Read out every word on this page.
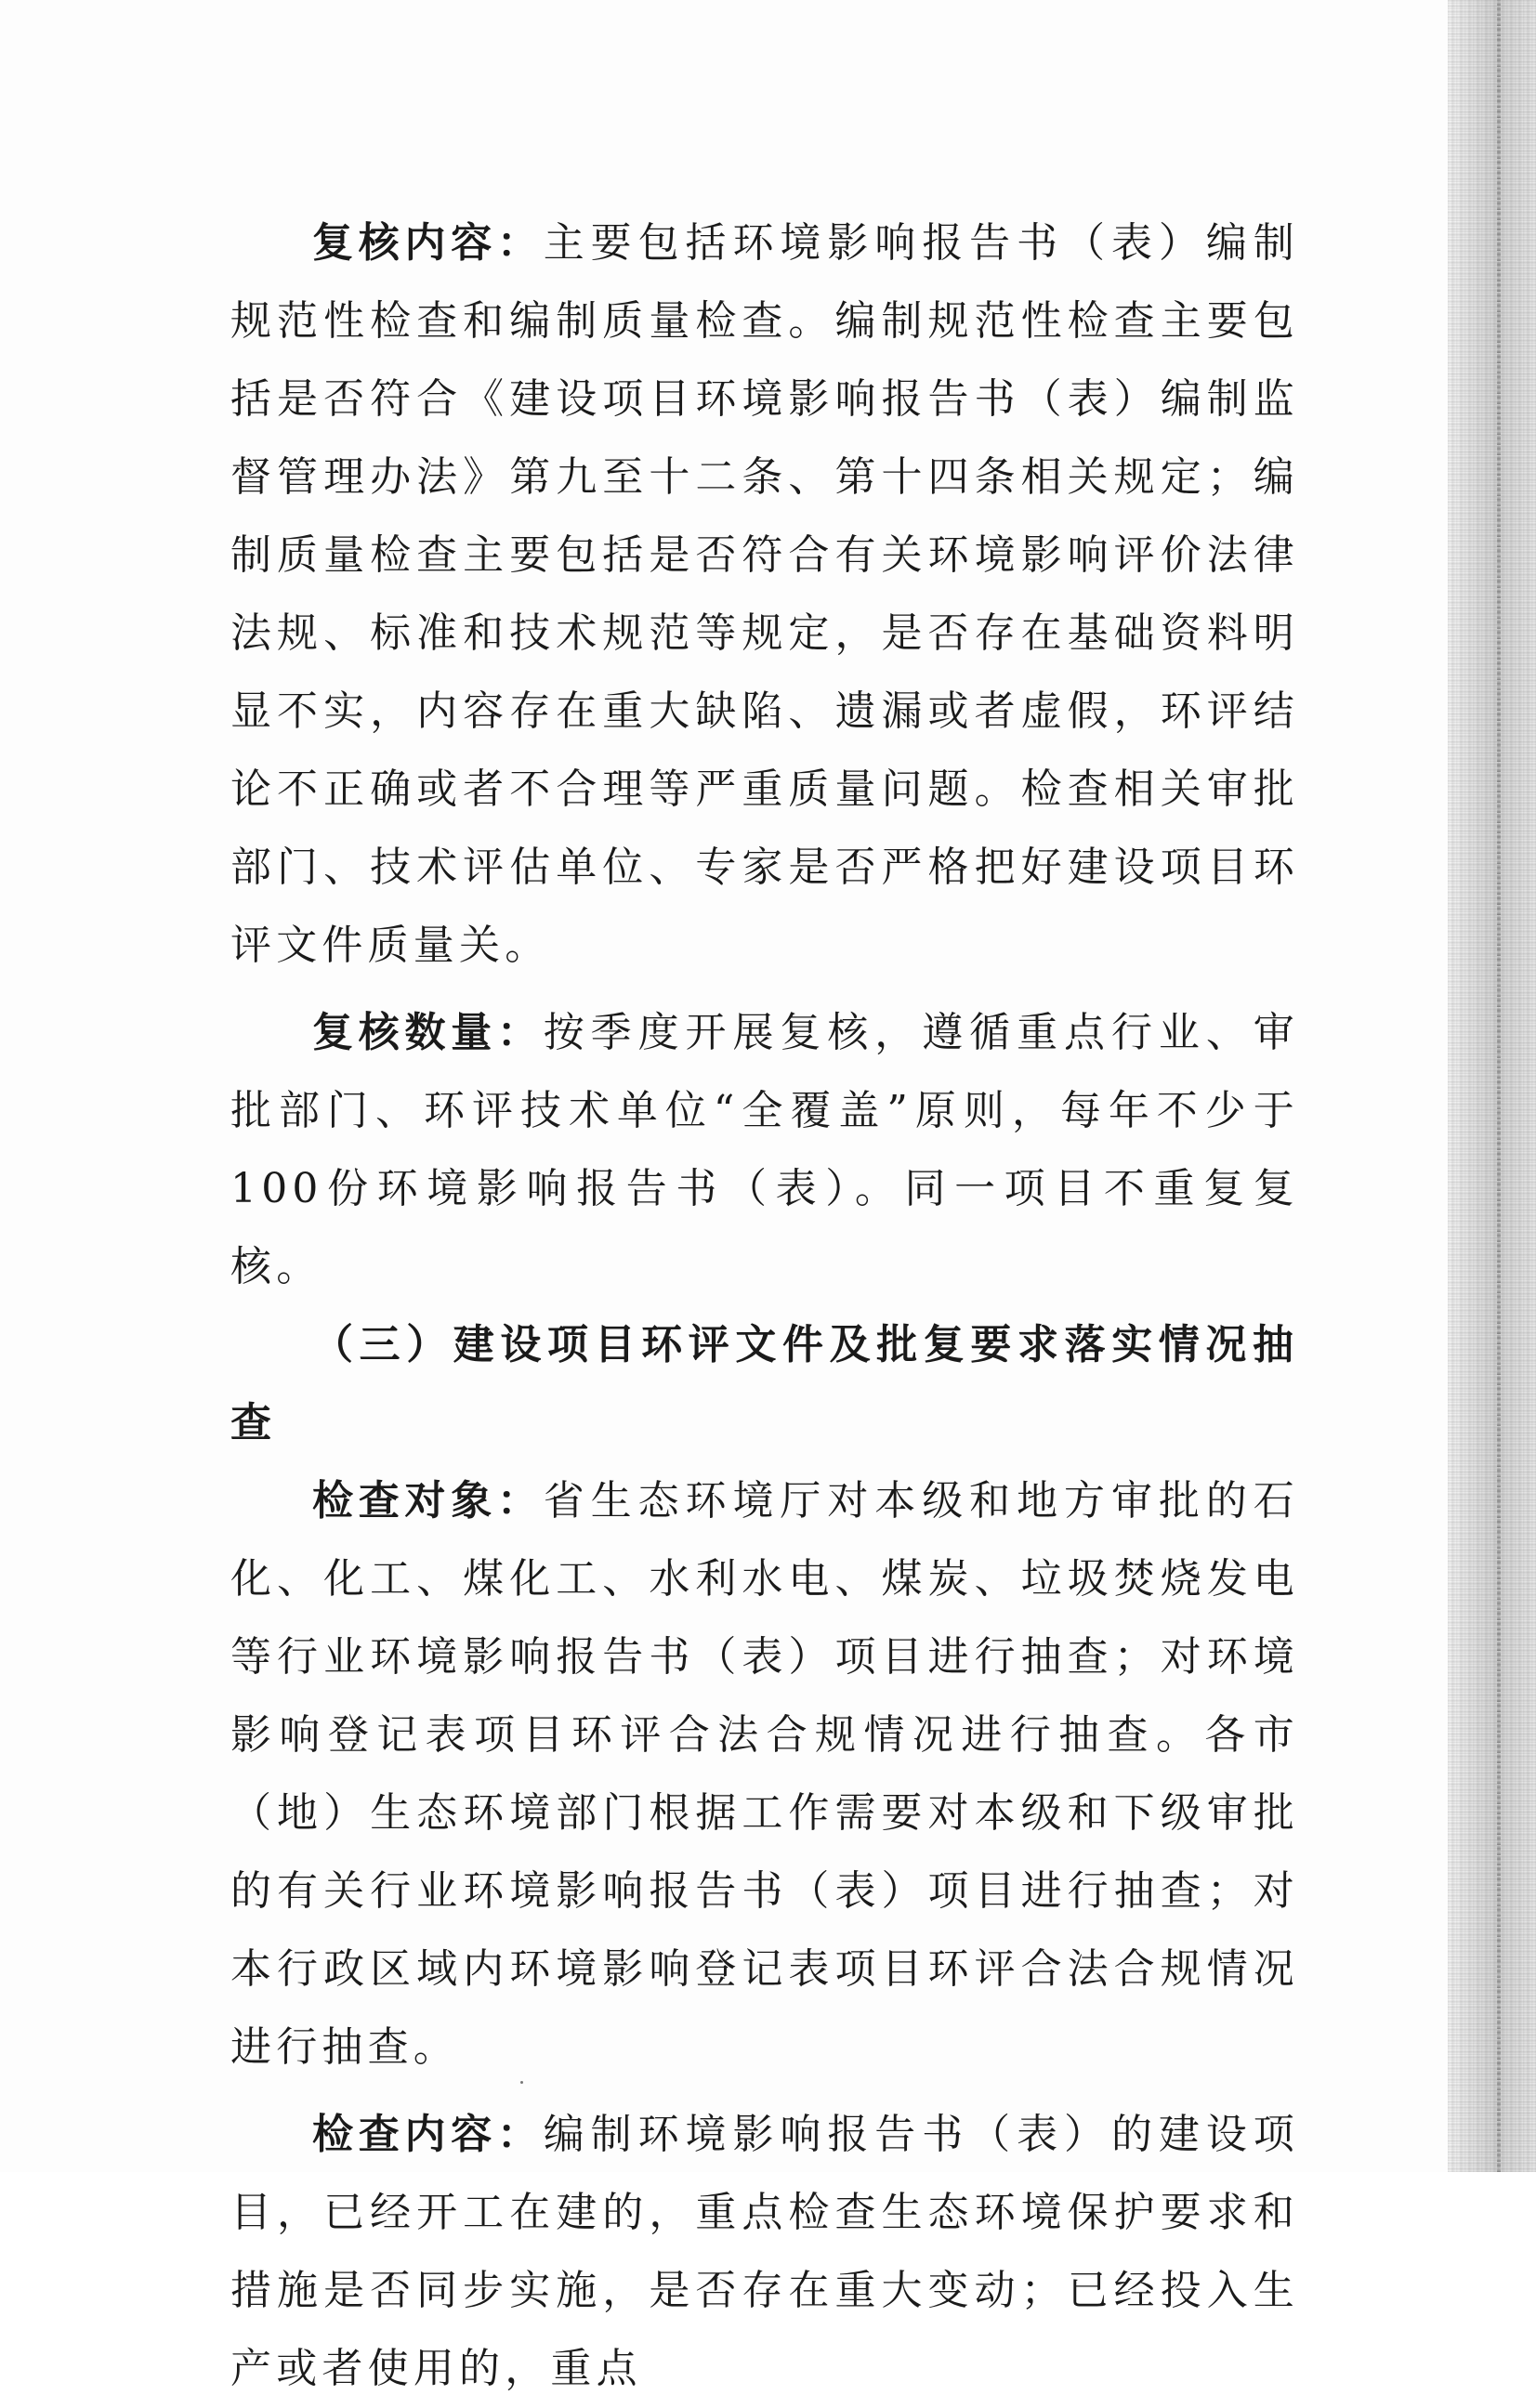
复核内容：主要包括环境影响报告书（表）编制规范性检查和编制质量检查。编制规范性检查主要包括是否符合《建设项目环境影响报告书（表）编制监督管理办法》第九至十二条、第十四条相关规定；编制质量检查主要包括是否符合有关环境影响评价法律法规、标准和技术规范等规定，是否存在基础资料明显不实，内容存在重大缺陷、遗漏或者虚假，环评结论不正确或者不合理等严重质量问题。检查相关审批部门、技术评估单位、专家是否严格把好建设项目环评文件质量关。

复核数量：按季度开展复核，遵循重点行业、审批部门、环评技术单位“全覆盖”原则，每年不少于100份环境影响报告书（表）。同一项目不重复复核。

（三）建设项目环评文件及批复要求落实情况抽查

检查对象：省生态环境厅对本级和地方审批的石化、化工、煤化工、水利水电、煤炭、垃圾焚烧发电等行业环境影响报告书（表）项目进行抽查；对环境影响登记表项目环评合法合规情况进行抽查。各市（地）生态环境部门根据工作需要对本级和下级审批的有关行业环境影响报告书（表）项目进行抽查；对本行政区域内环境影响登记表项目环评合法合规情况进行抽查。

检查内容：编制环境影响报告书（表）的建设项目，已经开工在建的，重点检查生态环境保护要求和措施是否同步实施，是否存在重大变动；已经投入生产或者使用的，重点
